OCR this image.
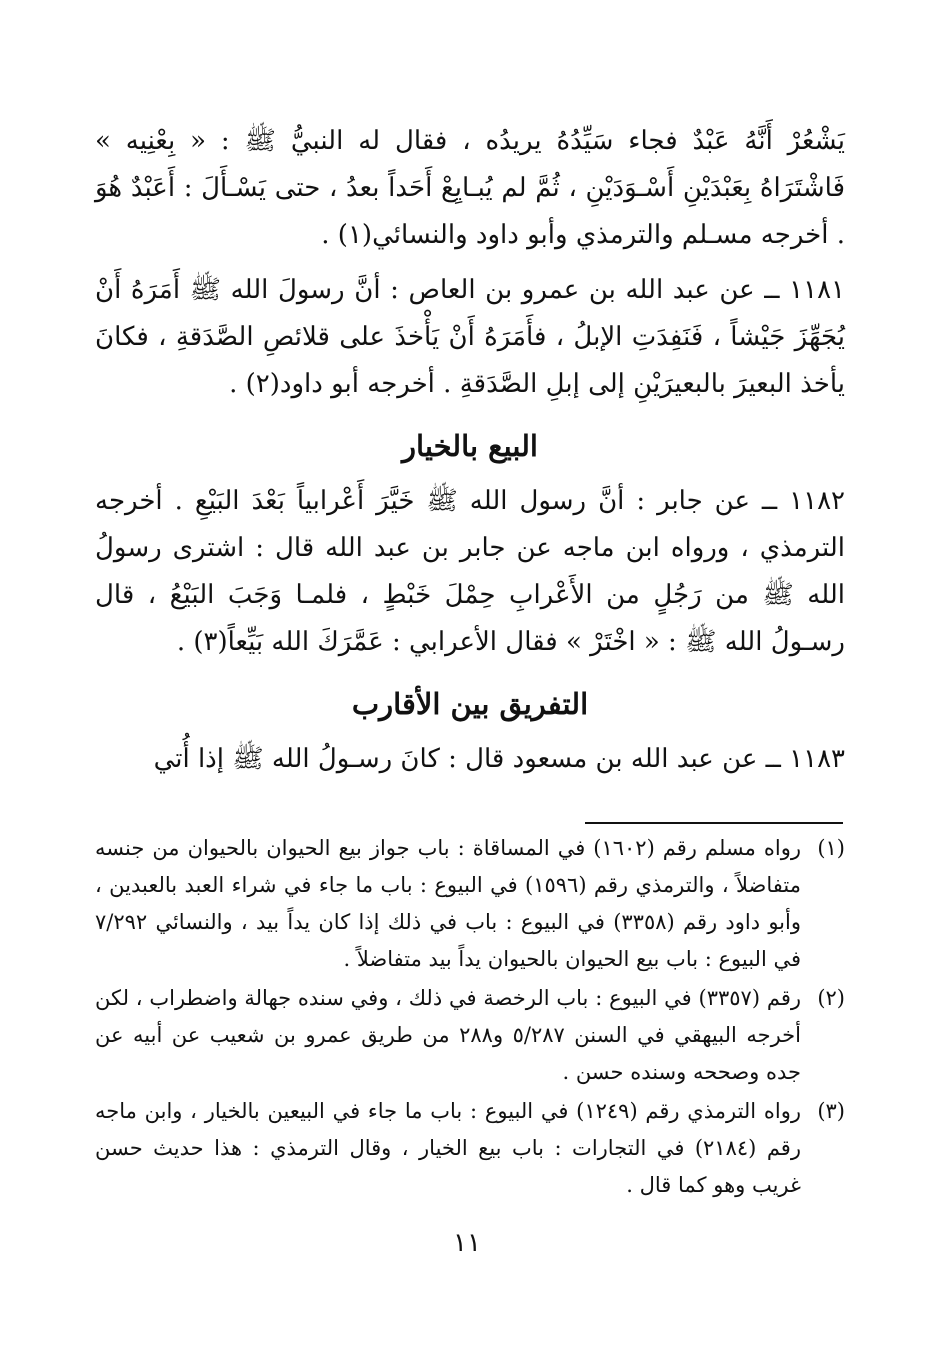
يَشْعُرْ أَنَّهُ عَبْدٌ فجاء سَيِّدُهُ يريدُه ، فقال له النبيُّ ﷺ : « بِعْنِيه » فَاشْتَرَاهُ بِعَبْدَيْنِ أَسْـوَدَيْنِ ، ثُمَّ لم يُبـايِعْ أَحَداً بعدُ ، حتى يَسْـأَلَ : أَعَبْدٌ هُوَ . أخرجه مسـلم والترمذي وأبو داود والنسائي(١) .

١١٨١ ــ عن عبد الله بن عمرو بن العاص : أنَّ رسولَ الله ﷺ أَمَرَهُ أَنْ يُجَهِّزَ جَيْشاً ، فَنَفِدَتِ الإبلُ ، فأَمَرَهُ أَنْ يَأْخذَ على قلائصِ الصَّدَقةِ ، فكانَ يأخذ البعيرَ بالبعيرَيْنِ إلى إبلِ الصَّدَقةِ . أخرجه أبو داود(٢) .

البيع بالخيار

١١٨٢ ــ عن جابر : أنَّ رسول الله ﷺ خَيَّرَ أَعْرابياً بَعْدَ البَيْعِ . أخرجه الترمذي ، ورواه ابن ماجه عن جابر بن عبد الله قال : اشترى رسولُ الله ﷺ من رَجُلٍ من الأَعْرابِ حِمْلَ خَبْطٍ ، فلمـا وَجَبَ البَيْعُ ، قال رسـولُ الله ﷺ : « اخْتَرْ » فقال الأعرابي : عَمَّرَكَ الله بَيِّعاً(٣) .

التفريق بين الأقارب

١١٨٣ ــ عن عبد الله بن مسعود قال : كانَ رسـولُ الله ﷺ إذا أُتي

(١)
رواه مسلم رقم (١٦٠٢) في المساقاة : باب جواز بيع الحيوان بالحيوان من جنسه متفاضلاً ، والترمذي رقم (١٥٩٦) في البيوع : باب ما جاء في شراء العبد بالعبدين ، وأبو داود رقم (٣٣٥٨) في البيوع : باب في ذلك إذا كان يداً بيد ، والنسائي ٧/٢٩٢ في البيوع : باب بيع الحيوان بالحيوان يداً بيد متفاضلاً .

(٢)
رقم (٣٣٥٧) في البيوع : باب الرخصة في ذلك ، وفي سنده جهالة واضطراب ، لكن أخرجه البيهقي في السنن ٥/٢٨٧ و٢٨٨ من طريق عمرو بن شعيب عن أبيه عن جده وصححه وسنده حسن .

(٣)
رواه الترمذي رقم (١٢٤٩) في البيوع : باب ما جاء في البيعين بالخيار ، وابن ماجه رقم (٢١٨٤) في التجارات : باب بيع الخيار ، وقال الترمذي : هذا حديث حسن غريب وهو كما قال .

١١
